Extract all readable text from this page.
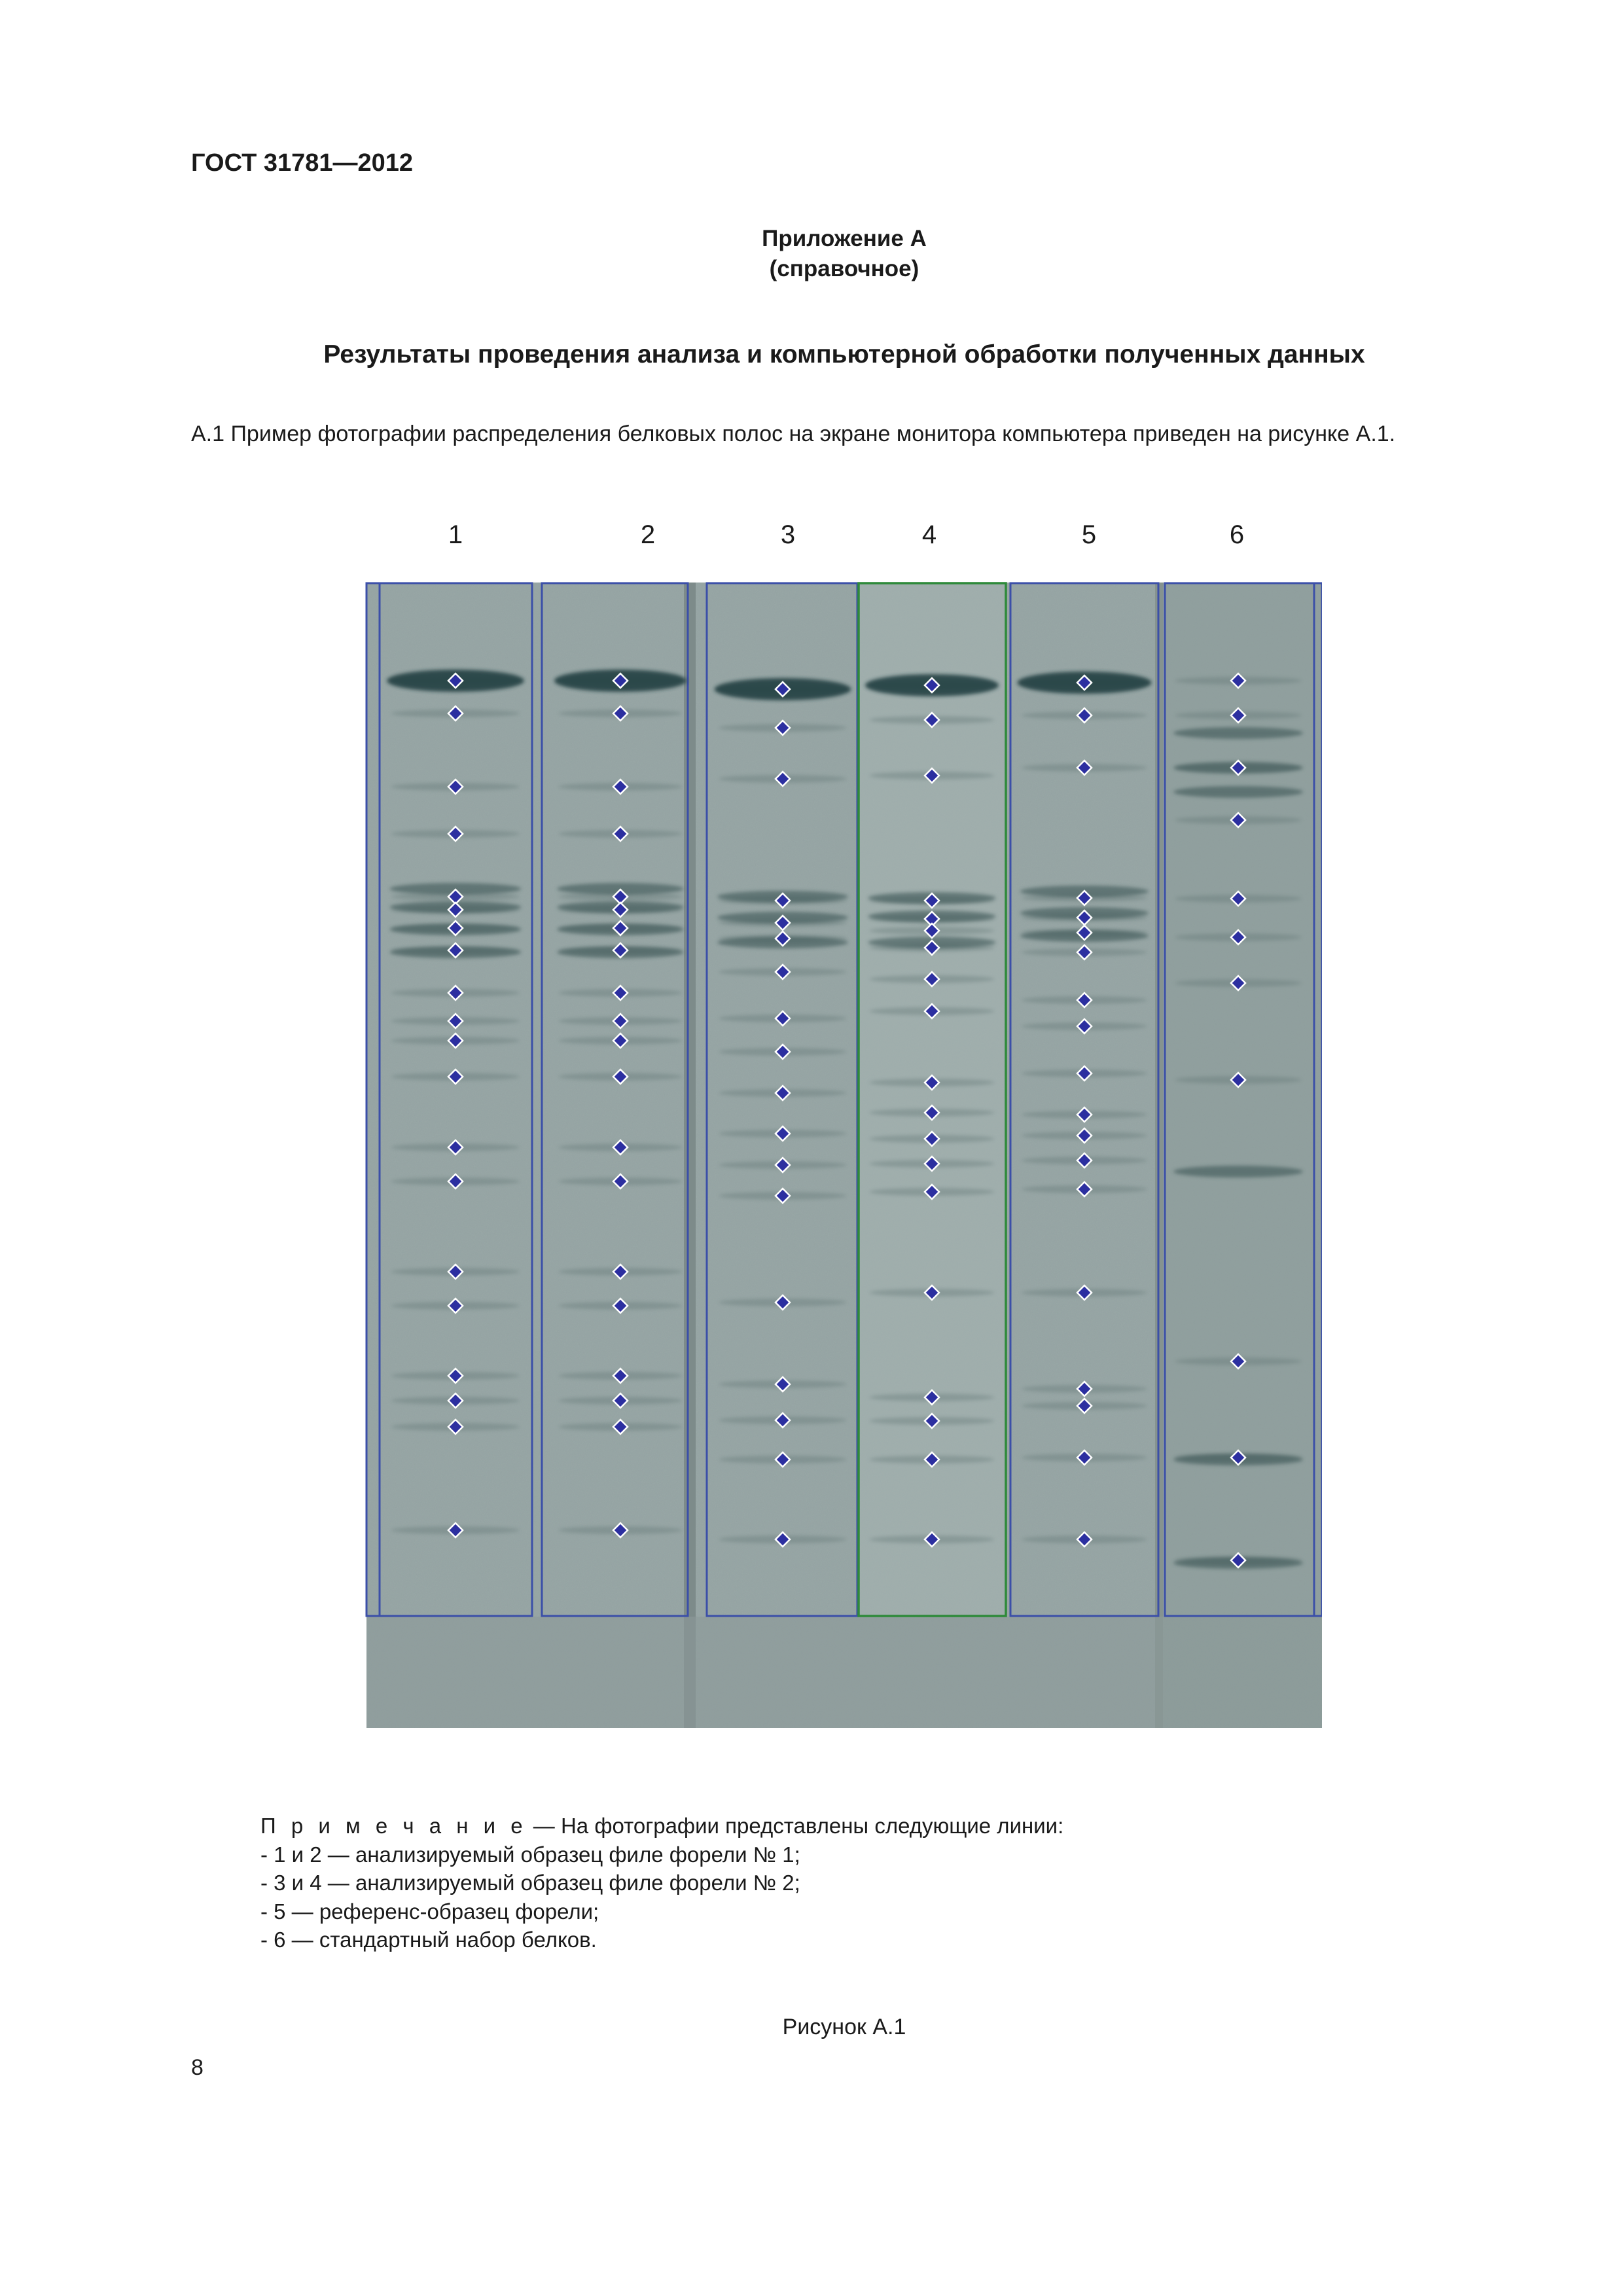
ГОСТ 31781—2012
Приложение А
(справочное)
Результаты проведения анализа и компьютерной обработки полученных данных
А.1 Пример фотографии распределения белковых полос на экране монитора компьютера приведен на рисунке А.1.
1	2	3	4	5	6
П р и м е ч а н и е — На фотографии представлены следующие линии:
- 1 и 2 — анализируемый образец филе форели № 1;
- 3 и 4 — анализируемый образец филе форели № 2;
- 5 — референс-образец форели;
- 6 — стандартный набор белков.
Рисунок А.1
8
